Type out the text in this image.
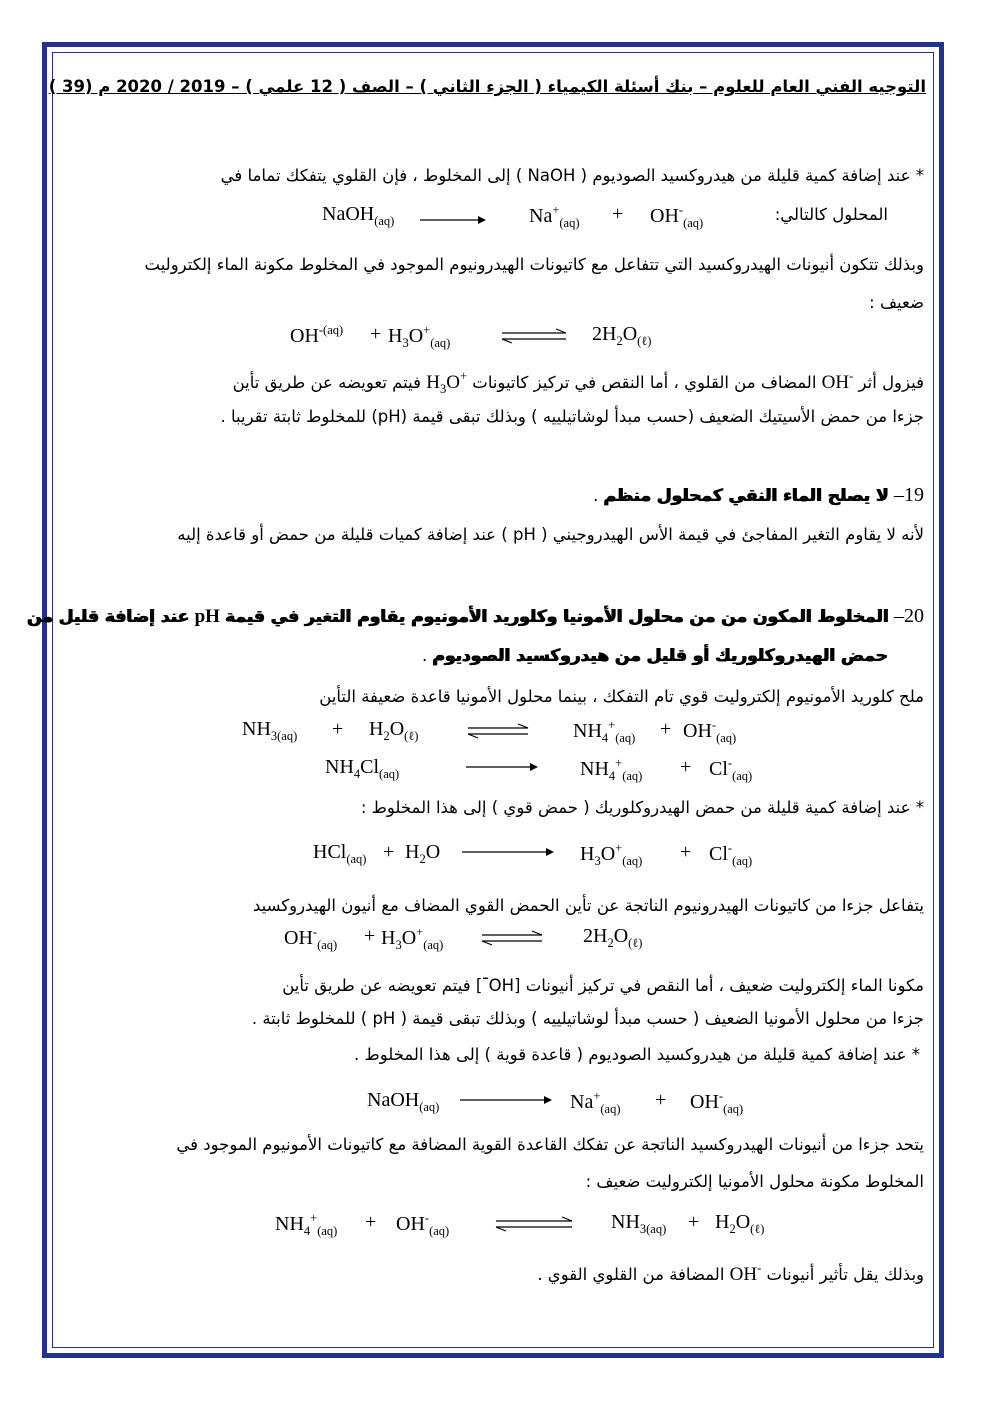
التوجيه الفني العام للعلوم – بنك أسئلة الكيمياء ( الجزء الثاني ) – الصف ( 12 علمي ) – 2019 / 2020 م (39 )
* عند إضافة كمية قليلة من هيدروكسيد الصوديوم ( NaOH ) إلى المخلوط ، فإن القلوي يتفكك تماما في
المحلول كالتالي:
NaOH$_{(aq)}$	$Na^+_{(aq)} + OH^-_{(aq)}$
وبذلك تتكون أنيونات الهيدروكسيد التي تتفاعل مع كاتيونات الهيدرونيوم الموجود في المخلوط مكونة الماء إلكتروليت
ضعيف :
$OH^{-(aq)} + H_3O^+_{(aq)}$	$2H_2O_{(\ell)}$
فيزول أثر OH- المضاف من القلوي ، أما النقص في تركيز كاتيونات $H_3O^+$ فيتم تعويضه عن طريق تأين
جزءا من حمض الأسيتيك الضعيف (حسب مبدأ لوشاتيلييه ) وبذلك تبقى قيمة (pH) للمخلوط ثابتة تقريبا .
19– لا يصلح الماء النقي كمحلول منظم .
لأنه لا يقاوم التغير المفاجئ في قيمة الأس الهيدروجيني ( pH ) عند إضافة كميات قليلة من حمض أو قاعدة إليه
20– المخلوط المكون من من محلول الأمونيا وكلوريد الأمونيوم يقاوم التغير في قيمة pH عند إضافة قليل من
حمض الهيدروكلوريك أو قليل من هيدروكسيد الصوديوم .
ملح كلوريد الأمونيوم إلكتروليت قوي تام التفكك ، بينما محلول الأمونيا قاعدة ضعيفة التأين
$NH_{3(aq)} + H_2O_{(\ell)}$	$NH_4^+_{(aq)} + OH^-_{(aq)}$
$NH_4Cl_{(aq)}$	$NH_4^+_{(aq)} + Cl^-_{(aq)}$
* عند إضافة كمية قليلة من حمض الهيدروكلوريك ( حمض قوي ) إلى هذا المخلوط :
$HCl_{(aq)} + H_2O$	$H_3O^+_{(aq)} + Cl^-_{(aq)}$
يتفاعل جزءا من كاتيونات الهيدرونيوم الناتجة عن تأين الحمض القوي المضاف مع أنيون الهيدروكسيد
$OH^-_{(aq)} + H_3O^+_{(aq)}$	$2H_2O_{(\ell)}$
مكونا الماء إلكتروليت ضعيف ، أما النقص في تركيز أنيونات [OH-] فيتم تعويضه عن طريق تأين
جزءا من محلول الأمونيا الضعيف ( حسب مبدأ لوشاتيلييه ) وبذلك تبقى قيمة ( pH ) للمخلوط ثابتة .
* عند إضافة كمية قليلة من هيدروكسيد الصوديوم ( قاعدة قوية ) إلى هذا المخلوط .
NaOH$_{(aq)}$	$Na^+_{(aq)} + OH^-_{(aq)}$
يتحد جزءا من أنيونات الهيدروكسيد الناتجة عن تفكك القاعدة القوية المضافة مع كاتيونات الأمونيوم الموجود في
المخلوط مكونة محلول الأمونيا إلكتروليت ضعيف :
$NH_4^+_{(aq)} + OH^-_{(aq)}$	$NH_{3(aq)} + H_2O_{(\ell)}$
وبذلك يقل تأثير أنيونات OH- المضافة من القلوي القوي .
